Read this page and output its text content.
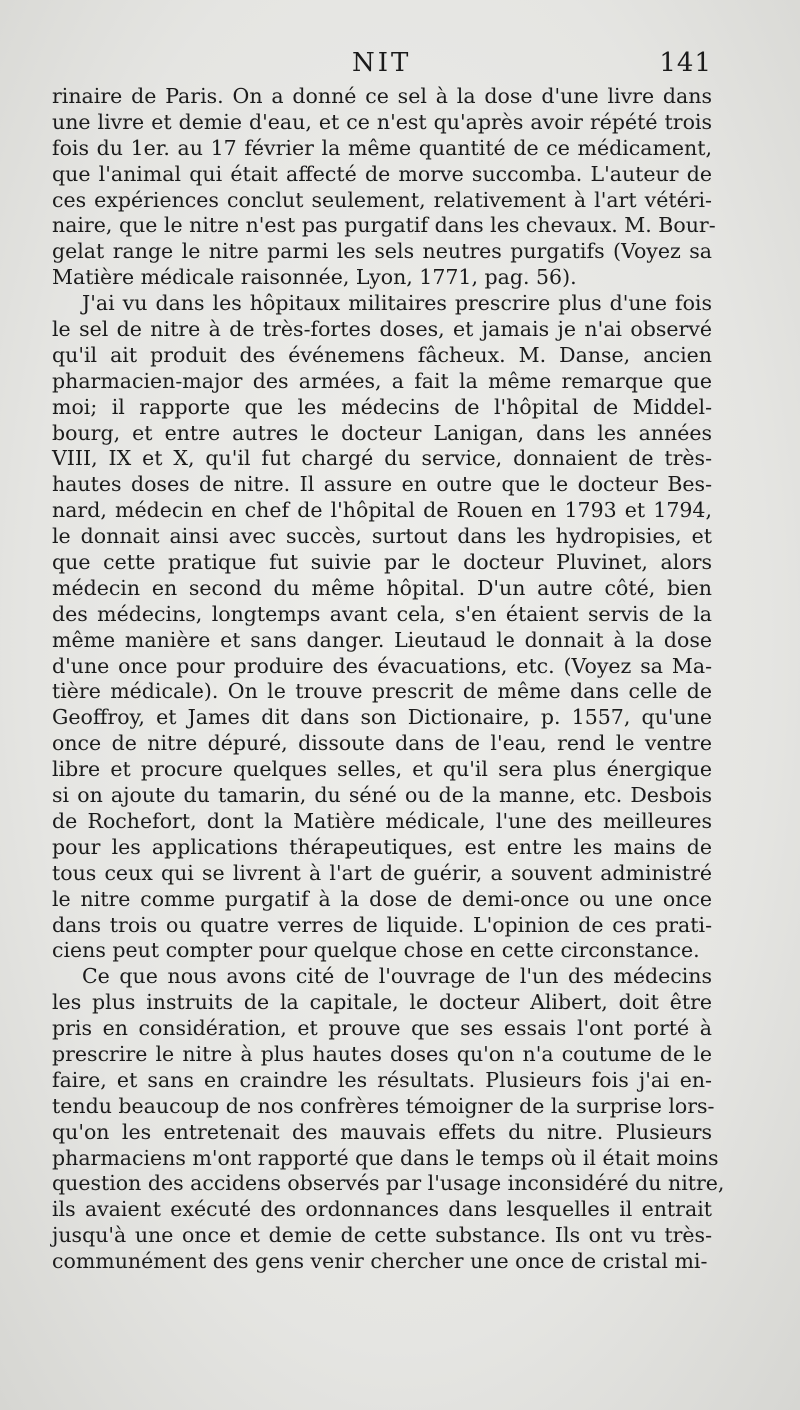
NIT	141
rinaire de Paris. On a donné ce sel à la dose d'une livre dans
une livre et demie d'eau, et ce n'est qu'après avoir répété trois
fois du 1er. au 17 février la même quantité de ce médicament,
que l'animal qui était affecté de morve succomba. L'auteur de
ces expériences conclut seulement, relativement à l'art vétéri-
naire, que le nitre n'est pas purgatif dans les chevaux. M. Bour-
gelat range le nitre parmi les sels neutres purgatifs (Voyez sa
Matière médicale raisonnée, Lyon, 1771, pag. 56).
J'ai vu dans les hôpitaux militaires prescrire plus d'une fois
le sel de nitre à de très-fortes doses, et jamais je n'ai observé
qu'il ait produit des événemens fâcheux. M. Danse, ancien
pharmacien-major des armées, a fait la même remarque que
moi; il rapporte que les médecins de l'hôpital de Middel-
bourg, et entre autres le docteur Lanigan, dans les années
VIII, IX et X, qu'il fut chargé du service, donnaient de très-
hautes doses de nitre. Il assure en outre que le docteur Bes-
nard, médecin en chef de l'hôpital de Rouen en 1793 et 1794,
le donnait ainsi avec succès, surtout dans les hydropisies, et
que cette pratique fut suivie par le docteur Pluvinet, alors
médecin en second du même hôpital. D'un autre côté, bien
des médecins, longtemps avant cela, s'en étaient servis de la
même manière et sans danger. Lieutaud le donnait à la dose
d'une once pour produire des évacuations, etc. (Voyez sa Ma-
tière médicale). On le trouve prescrit de même dans celle de
Geoffroy, et James dit dans son Dictionaire, p. 1557, qu'une
once de nitre dépuré, dissoute dans de l'eau, rend le ventre
libre et procure quelques selles, et qu'il sera plus énergique
si on ajoute du tamarin, du séné ou de la manne, etc. Desbois
de Rochefort, dont la Matière médicale, l'une des meilleures
pour les applications thérapeutiques, est entre les mains de
tous ceux qui se livrent à l'art de guérir, a souvent administré
le nitre comme purgatif à la dose de demi-once ou une once
dans trois ou quatre verres de liquide. L'opinion de ces prati-
ciens peut compter pour quelque chose en cette circonstance.
Ce que nous avons cité de l'ouvrage de l'un des médecins
les plus instruits de la capitale, le docteur Alibert, doit être
pris en considération, et prouve que ses essais l'ont porté à
prescrire le nitre à plus hautes doses qu'on n'a coutume de le
faire, et sans en craindre les résultats. Plusieurs fois j'ai en-
tendu beaucoup de nos confrères témoigner de la surprise lors-
qu'on les entretenait des mauvais effets du nitre. Plusieurs
pharmaciens m'ont rapporté que dans le temps où il était moins
question des accidens observés par l'usage inconsidéré du nitre,
ils avaient exécuté des ordonnances dans lesquelles il entrait
jusqu'à une once et demie de cette substance. Ils ont vu très-
communément des gens venir chercher une once de cristal mi-
